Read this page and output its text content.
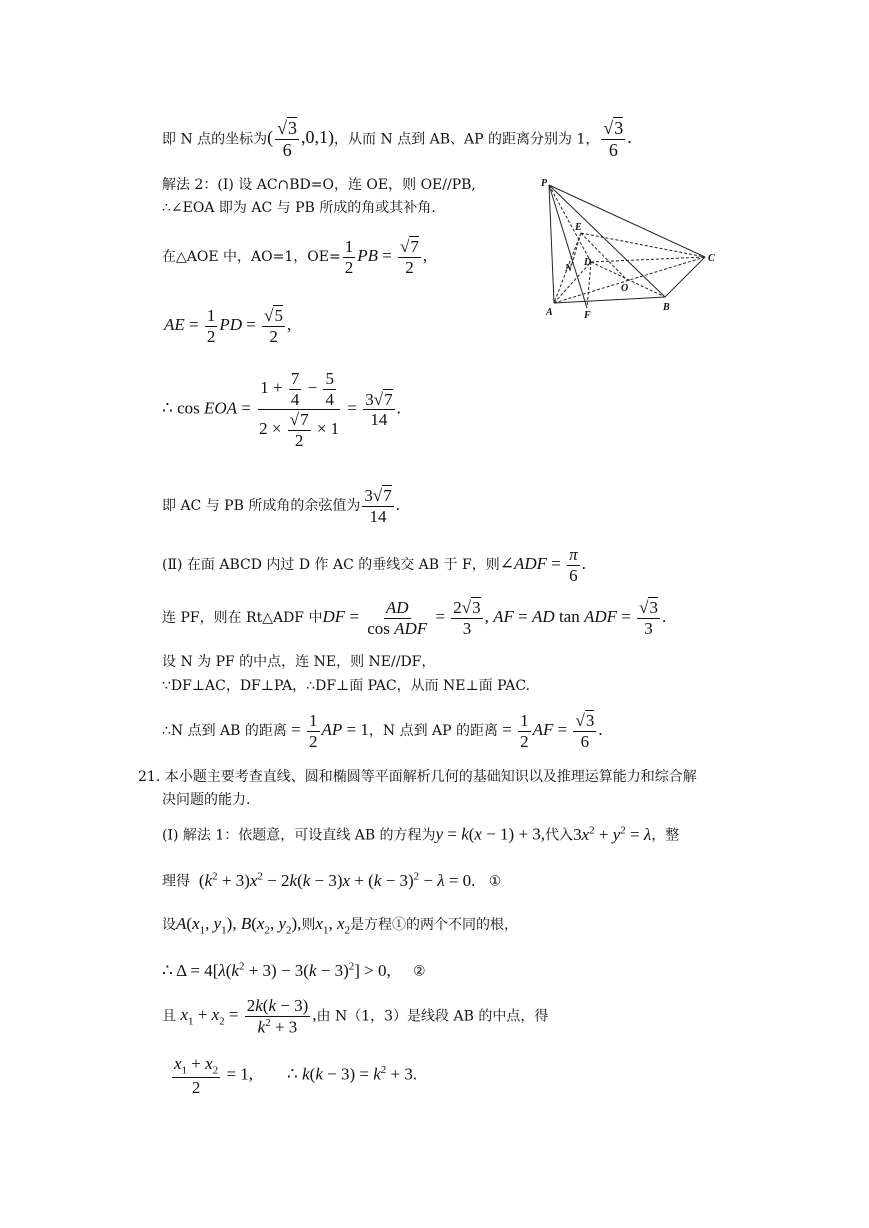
即 N 点的坐标为( $\frac{√3}{6} ,0,1$)，从而 N 点到 AB、AP 的距离分别为 1， $\frac{√3}{6}$ .
解法 2：(Ⅰ) 设 AC∩BD=O，连 OE，则 OE//PB,
∴∠EOA 即为 AC 与 PB 所成的角或其补角.
在△AOE 中，AO=1，$OE= \frac{1}{2}$ PB = $\frac{√7}{2}$ ,
AE = $\frac{1}{2}$ PD = $\frac{√5}{2}$ ,
∴ cos EOA = $\frac{1 + \frac{7}{4} - \frac{5}{4}}{2 \times \frac{√7}{2} \times 1} = \frac{3√7}{14}$ .
即 AC 与 PB 所成角的余弦值为 $\frac{3√7}{14}$ .
(Ⅱ) 在面 ABCD 内过 D 作 AC 的垂线交 AB 于 F，则∠ADF = $\frac{\pi}{6}$ .
连 PF，则在 Rt△ADF 中DF = $\frac{AD}{\text{cos ADF}} = \frac{2√3}{3}$ , AF = AD tan ADF = $\frac{√3}{3}$ .
设 N 为 PF 的中点，连 NE，则 NE//DF，
∵DF⊥AC，DF⊥PA，∴DF⊥面 PAC，从而 NE⊥面 PAC.
∴N 点到 AB 的距离 = $\frac{1}{2}$ AP = 1，N 点到 AP 的距离 = $\frac{1}{2}$ AF = $\frac{√3}{6}$ .
21. 本小题主要考查直线、圆和椭圆等平面解析几何的基础知识以及推理运算能力和综合解
决问题的能力.
(Ⅰ) 解法 1：依题意，可设直线 AB 的方程为y = k(x − 1) + 3,代入$3x^2 + y^2 = \lambda$，整
理得 $(k^2 + 3)x^2 - 2k(k - 3)x + (k - 3)^2 - \lambda = 0$. ①
设$A(x_1$, $y_1$), $B(x_2$, $y_2$),则$x_1$, $x_2$是方程①的两个不同的根，
∴ $\Delta = 4[\lambda(k^2 + 3) - 3(k - 3)^2] > 0$, ②
且 $x_1 + x_2 = \frac{2k(k - 3)}{k^2 + 3}$ ,由 N（1，3）是线段 AB 的中点，得
$\frac{x_1 + x_2}{2} = 1$,        ∴ $k(k - 3) = k^2 + 3$.
P
E
N
D
O
C
A	F
B
